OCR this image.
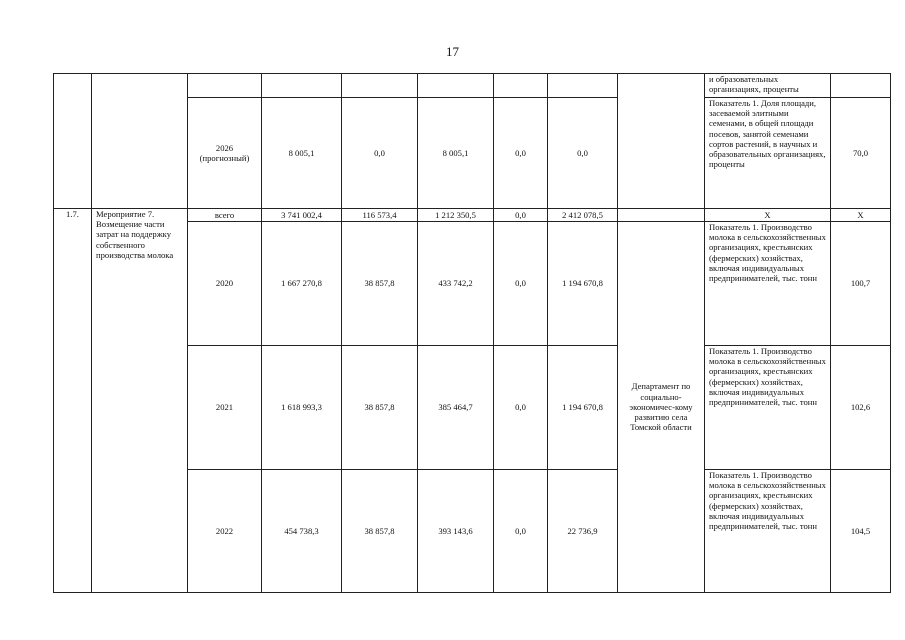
17
									и образовательных организациях, проценты	
		2026 (прогнозный)	8 005,1	0,0	8 005,1	0,0	0,0		Показатель 1. Доля площади, засеваемой элитными семенами, в общей площади посевов, занятой семенами сортов растений, в научных и образовательных организациях, проценты	70,0
1.7.	Мероприятие 7. Возмещение части затрат на поддержку собственного производства молока	всего	3 741 002,4	116 573,4	1 212 350,5	0,0	2 412 078,5		Х	Х
		2020	1 667 270,8	38 857,8	433 742,2	0,0	1 194 670,8	Департамент по социально-экономичес-кому развитию села Томской области	Показатель 1. Производство молока в сельскохозяйственных организациях, крестьянских (фермерских) хозяйствах, включая индивидуальных предпринимателей, тыс. тонн	100,7
		2021	1 618 993,3	38 857,8	385 464,7	0,0	1 194 670,8		Показатель 1. Производство молока в сельскохозяйственных организациях, крестьянских (фермерских) хозяйствах, включая индивидуальных предпринимателей, тыс. тонн	102,6
		2022	454 738,3	38 857,8	393 143,6	0,0	22 736,9		Показатель 1. Производство молока в сельскохозяйственных организациях, крестьянских (фермерских) хозяйствах, включая индивидуальных предпринимателей, тыс. тонн	104,5
